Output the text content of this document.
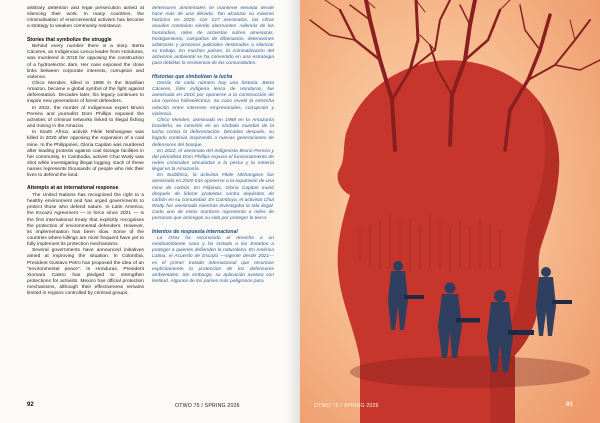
arbitrary detention and legal persecution aimed at silencing their work. In many countries, the criminalisation of environmental activism has become a strategy to weaken community resistance.

Stories that symbolize the struggle

Behind every number there is a story. Berta Cáceres, an Indigenous Lenca leader from Honduras, was murdered in 2016 for opposing the construction of a hydroelectric dam. Her case exposed the close links between corporate interests, corruption and violence.

Chico Mendes, killed in 1988 in the Brazilian Amazon, became a global symbol of the fight against deforestation. Decades later, his legacy continues to inspire new generations of forest defenders.

In 2022, the murder of Indigenous expert Bruno Pereira and journalist Dom Phillips exposed the activities of criminal networks linked to illegal fishing and mining in the Amazon.

In South Africa, activist Fikile Ntshangase was killed in 2020 after opposing the expansion of a coal mine. In the Philippines, Gloria Capitan was murdered after leading protests against coal storage facilities in her community. In Cambodia, activist Chut Wutty was shot while investigating illegal logging. Each of these names represents thousands of people who risk their lives to defend the land.

Attempts at an international response

The United Nations has recognised the right to a healthy environment and has urged governments to protect those who defend nature. In Latin America, the Escazú Agreement — in force since 2021 — is the first international treaty that explicitly recognises the protection of environmental defenders. However, its implementation has been slow. Some of the countries where killings are most frequent have yet to fully implement its protection mechanisms.

Several governments have announced initiatives aimed at improving the situation. In Colombia, President Gustavo Petro has proposed the idea of an "environmental peace". In Honduras, President Xiomara Castro has pledged to strengthen protections for activists. Mexico has official protection mechanisms, although their effectiveness remains limited in regions controlled by criminal groups.

defensores ambientales se mantiene elevada desde hace más de una década. Tan alcanzar su máximo histórico en 2020, con 227 asesinatos, las cifras anuales continúan siendo alarmantes. Además de los homicidios, miles de activistas sufren amenazas, hostigamiento, campañas de difamación, detenciones arbitrarias y procesos judiciales destinados a silenciar su trabajo. En muchos países, la criminalización del activismo ambiental se ha convertido en una estrategia para debilitar la resistencia de las comunidades.

Historias que simbolizan la lucha

Detrás de cada número hay una historia. Berta Cáceres, líder indígena lenca de Honduras, fue asesinada en 2016 por oponerse a la construcción de una represa hidroeléctrica. Su caso reveló la estrecha relación entre intereses empresariales, corrupción y violencia.

Chico Mendes, asesinado en 1988 en la Amazonía brasileña, se convirtió en un símbolo mundial de la lucha contra la deforestación. Décadas después, su legado continúa inspirando a nuevas generaciones de defensores del bosque.

En 2022, el asesinato del indigenista Bruno Pereira y del periodista Dom Phillips expuso el funcionamiento de redes criminales vinculadas a la pesca y la minería ilegal en la Amazonía.

En Sudáfrica, la activista Fikile Ntshangase fue asesinada en 2020 tras oponerse a la expansión de una mina de carbón. En Filipinas, Gloria Capitan murió después de liderar protestas contra depósitos de carbón en su comunidad. En Camboya, el activista Chut Wutty fue asesinado mientras investigaba la tala ilegal. Cada uno de estos nombres representa a miles de personas que arriesgan su vida por proteger la tierra.

Intentos de respuesta internacional

La ONU ha reconocido el derecho a un medioambiente sano y ha instado a los Estados a proteger a quienes defienden la naturaleza. En América Latina, el Acuerdo de Escazú —vigente desde 2021— es el primer tratado internacional que reconoce explícitamente la protección de los defensores ambientales. Sin embargo, su aplicación avanza con lentitud. Algunos de los países más peligrosos para

92	OTWO 75 / SPRING 2026	OTWO 75 / SPRING 2026	93
